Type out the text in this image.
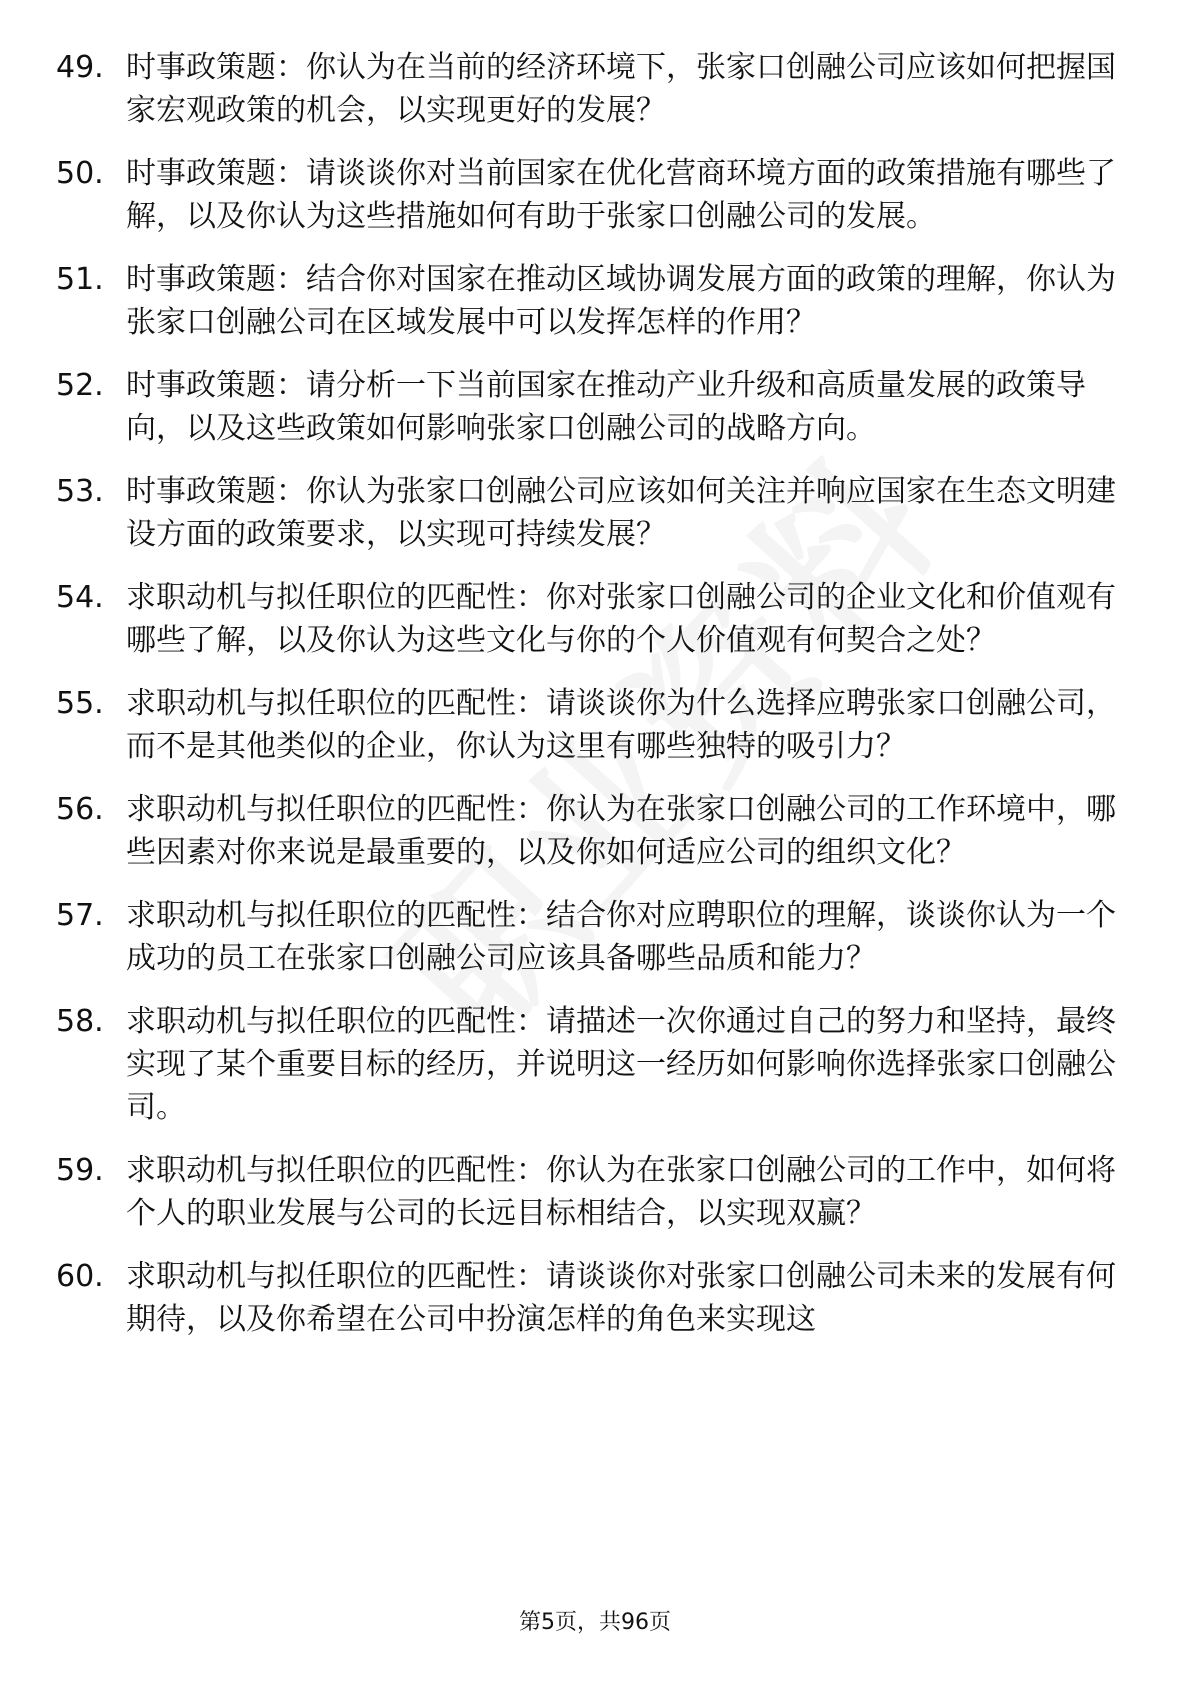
49. 时事政策题：你认为在当前的经济环境下，张家口创融公司应该如何把握国家宏观政策的机会，以实现更好的发展？
50. 时事政策题：请谈谈你对当前国家在优化营商环境方面的政策措施有哪些了解，以及你认为这些措施如何有助于张家口创融公司的发展。
51. 时事政策题：结合你对国家在推动区域协调发展方面的政策的理解，你认为张家口创融公司在区域发展中可以发挥怎样的作用？
52. 时事政策题：请分析一下当前国家在推动产业升级和高质量发展的政策导向，以及这些政策如何影响张家口创融公司的战略方向。
53. 时事政策题：你认为张家口创融公司应该如何关注并响应国家在生态文明建设方面的政策要求，以实现可持续发展？
54. 求职动机与拟任职位的匹配性：你对张家口创融公司的企业文化和价值观有哪些了解，以及你认为这些文化与你的个人价值观有何契合之处？
55. 求职动机与拟任职位的匹配性：请谈谈你为什么选择应聘张家口创融公司，而不是其他类似的企业，你认为这里有哪些独特的吸引力？
56. 求职动机与拟任职位的匹配性：你认为在张家口创融公司的工作环境中，哪些因素对你来说是最重要的，以及你如何适应公司的组织文化？
57. 求职动机与拟任职位的匹配性：结合你对应聘职位的理解，谈谈你认为一个成功的员工在张家口创融公司应该具备哪些品质和能力？
58. 求职动机与拟任职位的匹配性：请描述一次你通过自己的努力和坚持，最终实现了某个重要目标的经历，并说明这一经历如何影响你选择张家口创融公司。
59. 求职动机与拟任职位的匹配性：你认为在张家口创融公司的工作中，如何将个人的职业发展与公司的长远目标相结合，以实现双赢？
60. 求职动机与拟任职位的匹配性：请谈谈你对张家口创融公司未来的发展有何期待，以及你希望在公司中扮演怎样的角色来实现这
第5页，共96页
